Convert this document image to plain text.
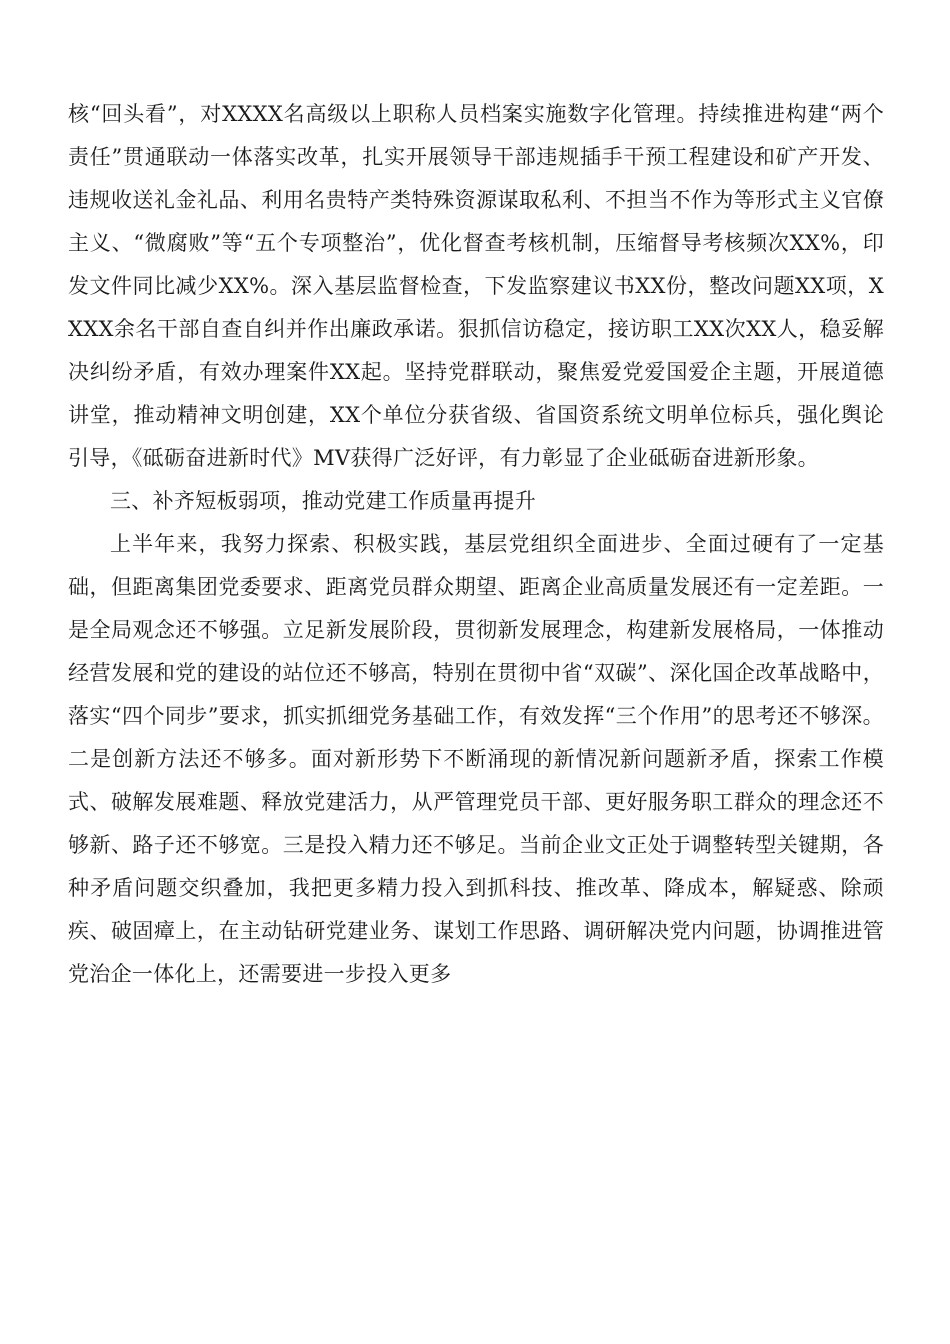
核“回头看”，对XXXX名高级以上职称人员档案实施数字化管理。持续推进构建“两个责任”贯通联动一体落实改革，扎实开展领导干部违规插手干预工程建设和矿产开发、违规收送礼金礼品、利用名贵特产类特殊资源谋取私利、不担当不作为等形式主义官僚主义、“微腐败”等“五个专项整治”，优化督查考核机制，压缩督导考核频次XX%，印发文件同比减少XX%。深入基层监督检查，下发监察建议书XX份，整改问题XX项，XXXX余名干部自查自纠并作出廉政承诺。狠抓信访稳定，接访职工XX次XX人，稳妥解决纠纷矛盾，有效办理案件XX起。坚持党群联动，聚焦爱党爱国爱企主题，开展道德讲堂，推动精神文明创建，XX个单位分获省级、省国资系统文明单位标兵，强化舆论引导，《砥砺奋进新时代》MV获得广泛好评，有力彰显了企业砥砺奋进新形象。

三、补齐短板弱项，推动党建工作质量再提升

上半年来，我努力探索、积极实践，基层党组织全面进步、全面过硬有了一定基础，但距离集团党委要求、距离党员群众期望、距离企业高质量发展还有一定差距。一是全局观念还不够强。立足新发展阶段，贯彻新发展理念，构建新发展格局，一体推动经营发展和党的建设的站位还不够高，特别在贯彻中省“双碳”、深化国企改革战略中，落实“四个同步”要求，抓实抓细党务基础工作，有效发挥“三个作用”的思考还不够深。二是创新方法还不够多。面对新形势下不断涌现的新情况新问题新矛盾，探索工作模式、破解发展难题、释放党建活力，从严管理党员干部、更好服务职工群众的理念还不够新、路子还不够宽。三是投入精力还不够足。当前企业文正处于调整转型关键期，各种矛盾问题交织叠加，我把更多精力投入到抓科技、推改革、降成本，解疑惑、除顽疾、破固瘴上，在主动钻研党建业务、谋划工作思路、调研解决党内问题，协调推进管党治企一体化上，还需要进一步投入更多
